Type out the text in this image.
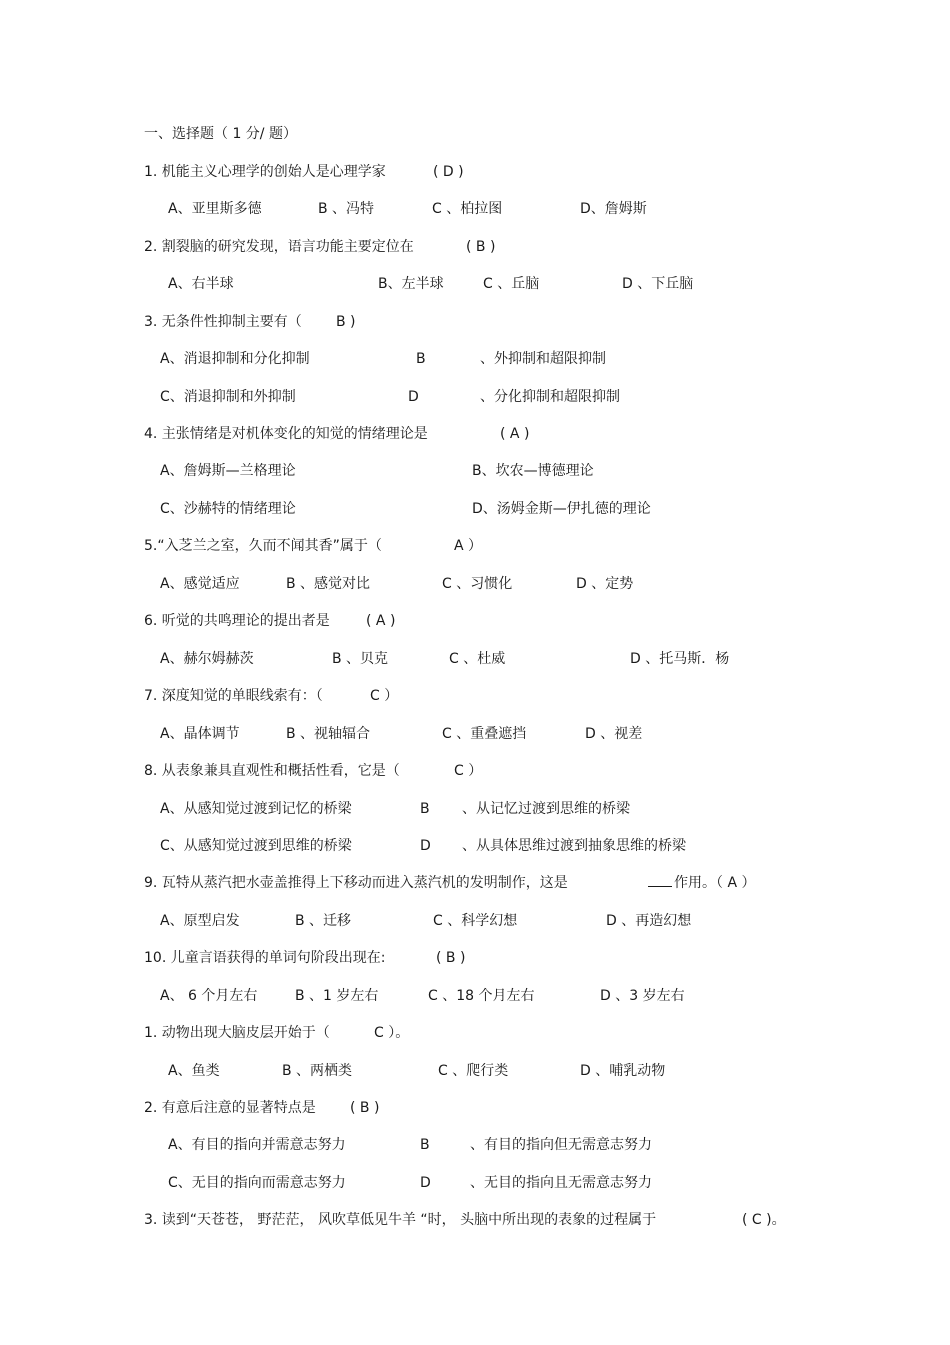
一、选择题（ 1 分/ 题）
1. 机能主义心理学的创始人是心理学家	( D )
A、亚里斯多德	B 、冯特	C 、柏拉图	D、詹姆斯
2. 割裂脑的研究发现，语言功能主要定位在	( B )
A、右半球	B、左半球	C 、丘脑	D 、下丘脑
3. 无条件性抑制主要有（ B )
A、消退抑制和分化抑制	B	、外抑制和超限抑制
C、消退抑制和外抑制	D	、分化抑制和超限抑制
4. 主张情绪是对机体变化的知觉的情绪理论是	( A )
A、詹姆斯—兰格理论	B、坎农—博德理论
C、沙赫特的情绪理论	D、汤姆金斯—伊扎德的理论
5.“入芝兰之室，久而不闻其香”属于（	A ）
A、感觉适应	B 、感觉对比	C 、习惯化	D 、定势
6. 听觉的共鸣理论的提出者是	( A )
A、赫尔姆赫茨	B 、贝克	C 、杜威	D 、托马斯．杨
7. 深度知觉的单眼线索有：（	C ）
A、晶体调节	B 、视轴辐合	C 、重叠遮挡	D 、视差
8. 从表象兼具直观性和概括性看，它是（	C ）
A、从感知觉过渡到记忆的桥梁	B 、从记忆过渡到思维的桥梁
C、从感知觉过渡到思维的桥梁	D 、从具体思维过渡到抽象思维的桥梁
9. 瓦特从蒸汽把水壶盖推得上下移动而进入蒸汽机的发明制作，这是	作用。（ A ）
A、原型启发	B 、迁移	C 、科学幻想	D 、再造幻想
10. 儿童言语获得的单词句阶段出现在:	( B )
A、 6 个月左右	B 、1 岁左右	C 、18 个月左右	D 、3 岁左右
1. 动物出现大脑皮层开始于（	C ）。
A、鱼类	B 、两栖类	C 、爬行类	D 、哺乳动物
2. 有意后注意的显著特点是 ( B )
A、有目的指向并需意志努力	B	、有目的指向但无需意志努力
C、无目的指向而需意志努力	D	、无目的指向且无需意志努力
3. 读到“天苍苍， 野茫茫， 风吹草低见牛羊 “时， 头脑中所出现的表象的过程属于	( C )。
